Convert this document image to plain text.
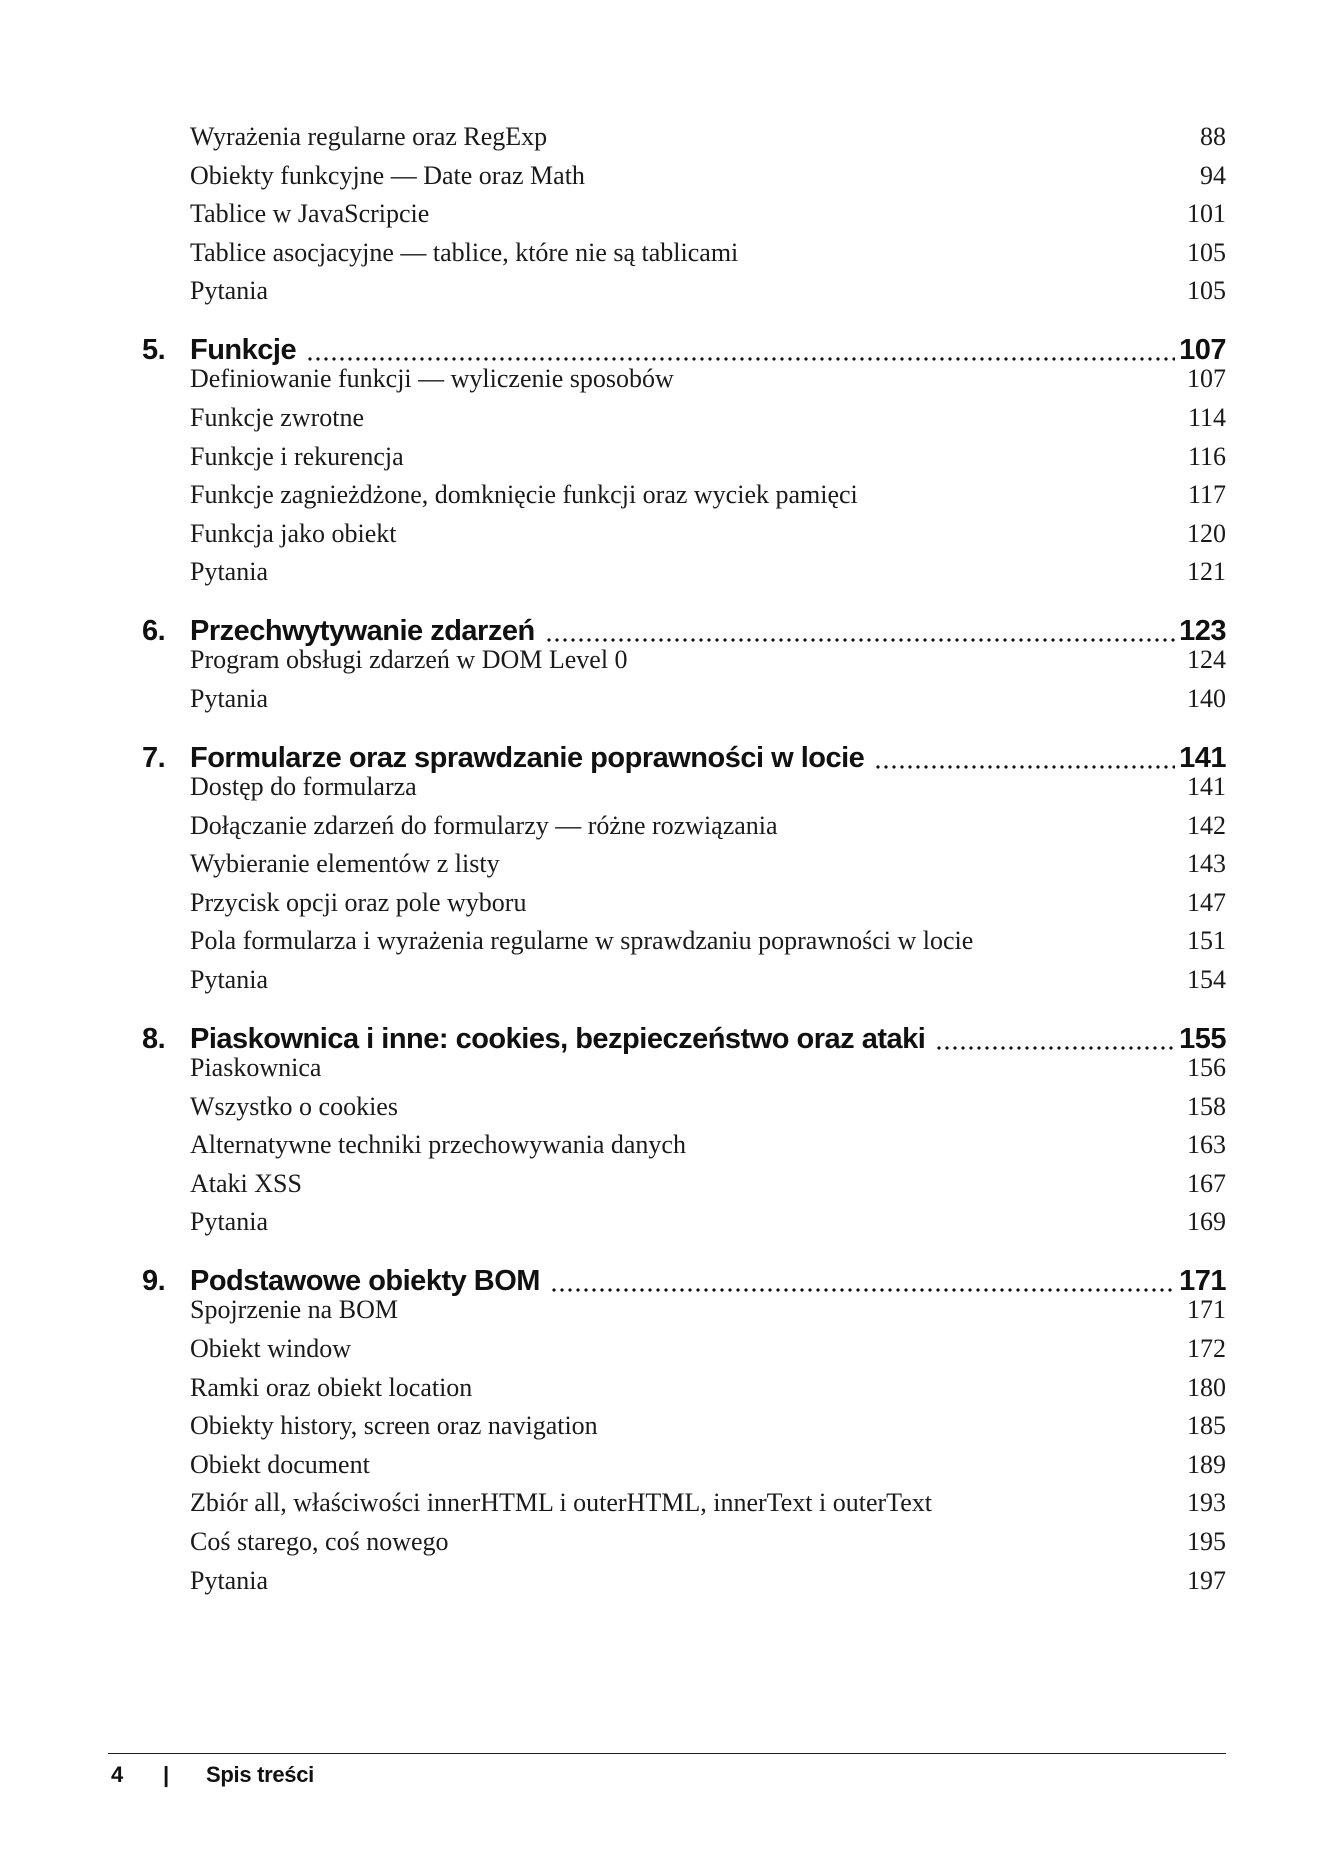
Wyrażenia regularne oraz RegExp	88
Obiekty funkcyjne — Date oraz Math	94
Tablice w JavaScripcie	101
Tablice asocjacyjne — tablice, które nie są tablicami	105
Pytania	105
5. Funkcje	107
Definiowanie funkcji — wyliczenie sposobów	107
Funkcje zwrotne	114
Funkcje i rekurencja	116
Funkcje zagnieżdżone, domknięcie funkcji oraz wyciek pamięci	117
Funkcja jako obiekt	120
Pytania	121
6. Przechwytywanie zdarzeń	123
Program obsługi zdarzeń w DOM Level 0	124
Pytania	140
7. Formularze oraz sprawdzanie poprawności w locie	141
Dostęp do formularza	141
Dołączanie zdarzeń do formularzy — różne rozwiązania	142
Wybieranie elementów z listy	143
Przycisk opcji oraz pole wyboru	147
Pola formularza i wyrażenia regularne w sprawdzaniu poprawności w locie	151
Pytania	154
8. Piaskownica i inne: cookies, bezpieczeństwo oraz ataki	155
Piaskownica	156
Wszystko o cookies	158
Alternatywne techniki przechowywania danych	163
Ataki XSS	167
Pytania	169
9. Podstawowe obiekty BOM	171
Spojrzenie na BOM	171
Obiekt window	172
Ramki oraz obiekt location	180
Obiekty history, screen oraz navigation	185
Obiekt document	189
Zbiór all, właściwości innerHTML i outerHTML, innerText i outerText	193
Coś starego, coś nowego	195
Pytania	197
4 | Spis treści
